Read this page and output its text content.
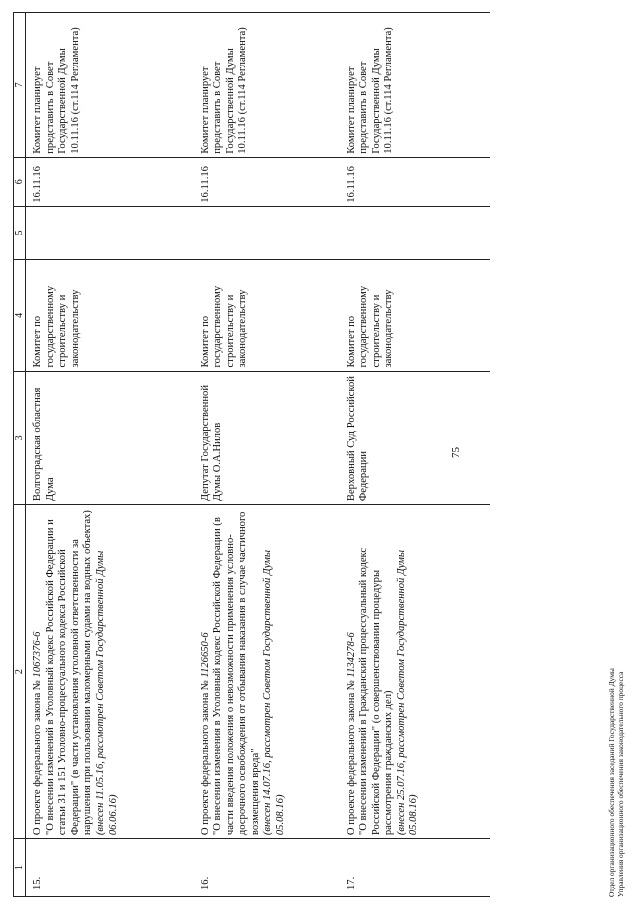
75
1	2	3	4	5	6	7
15.	О проекте федерального закона № 1067376-6 "О внесении изменений в Уголовный кодекс Российской Федерации и статьи 31 и 151 Уголовно-процессуального кодекса Российской Федерации" (в части установления уголовной ответственности за нарушения при пользовании маломерными судами на водных объектах) (внесен 11.05.16, рассмотрен Советом Государственной Думы 06.06.16)	Волгоградская областная Дума	Комитет по государственному строительству и законодательству		16.11.16	Комитет планирует представить в Совет Государственной Думы 10.11.16 (ст.114 Регламента)
16.	О проекте федерального закона № 1126650-6 "О внесении изменения в Уголовный кодекс Российской Федерации (в части введения положения о невозможности применения условно-досрочного освобождения от отбывания наказания в случае частичного возмещения вреда" (внесен 14.07.16, рассмотрен Советом Государственной Думы 05.08.16)	Депутат Государственной Думы О.А.Нилов	Комитет по государственному строительству и законодательству		16.11.16	Комитет планирует представить в Совет Государственной Думы 10.11.16 (ст.114 Регламента)
17.	О проекте федерального закона № 1134278-6 "О внесении изменений в Гражданский процессуальный кодекс Российской Федерации" (о совершенствовании процедуры рассмотрения гражданских дел) (внесен 25.07.16, рассмотрен Советом Государственной Думы 05.08.16)	Верховный Суд Российской Федерации	Комитет по государственному строительству и законодательству		16.11.16	Комитет планирует представить в Совет Государственной Думы 10.11.16 (ст.114 Регламента)
Отдел организационного обеспечения заседаний Государственной Думы Управления организационного обеспечения законодательного процесса
